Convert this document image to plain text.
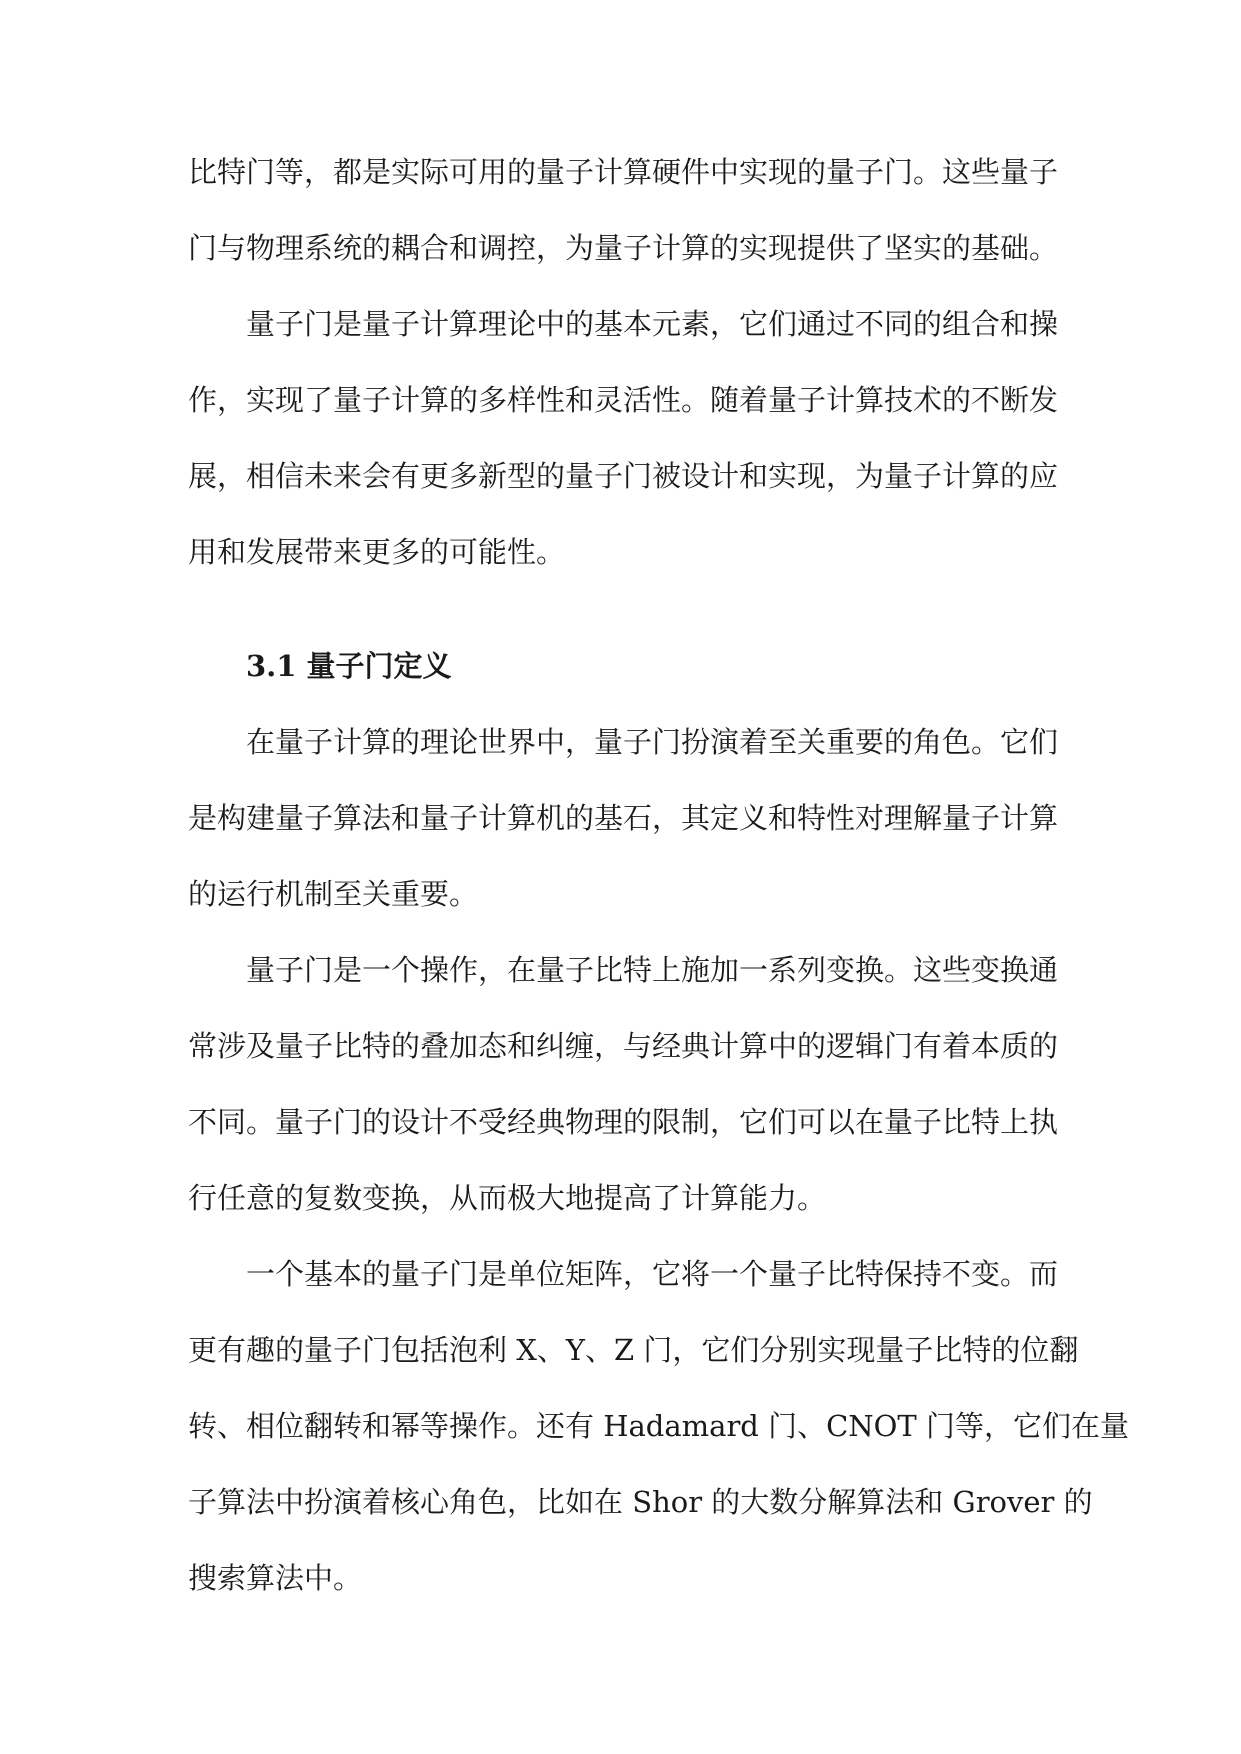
比特门等，都是实际可用的量子计算硬件中实现的量子门。这些量子
门与物理系统的耦合和调控，为量子计算的实现提供了坚实的基础。
量子门是量子计算理论中的基本元素，它们通过不同的组合和操
作，实现了量子计算的多样性和灵活性。随着量子计算技术的不断发
展，相信未来会有更多新型的量子门被设计和实现，为量子计算的应
用和发展带来更多的可能性。
3.1 量子门定义
在量子计算的理论世界中，量子门扮演着至关重要的角色。它们
是构建量子算法和量子计算机的基石，其定义和特性对理解量子计算
的运行机制至关重要。
量子门是一个操作，在量子比特上施加一系列变换。这些变换通
常涉及量子比特的叠加态和纠缠，与经典计算中的逻辑门有着本质的
不同。量子门的设计不受经典物理的限制，它们可以在量子比特上执
行任意的复数变换，从而极大地提高了计算能力。
一个基本的量子门是单位矩阵，它将一个量子比特保持不变。而
更有趣的量子门包括泡利 X、Y、Z 门，它们分别实现量子比特的位翻
转、相位翻转和幂等操作。还有 Hadamard 门、CNOT 门等，它们在量
子算法中扮演着核心角色，比如在 Shor 的大数分解算法和 Grover 的
搜索算法中。
